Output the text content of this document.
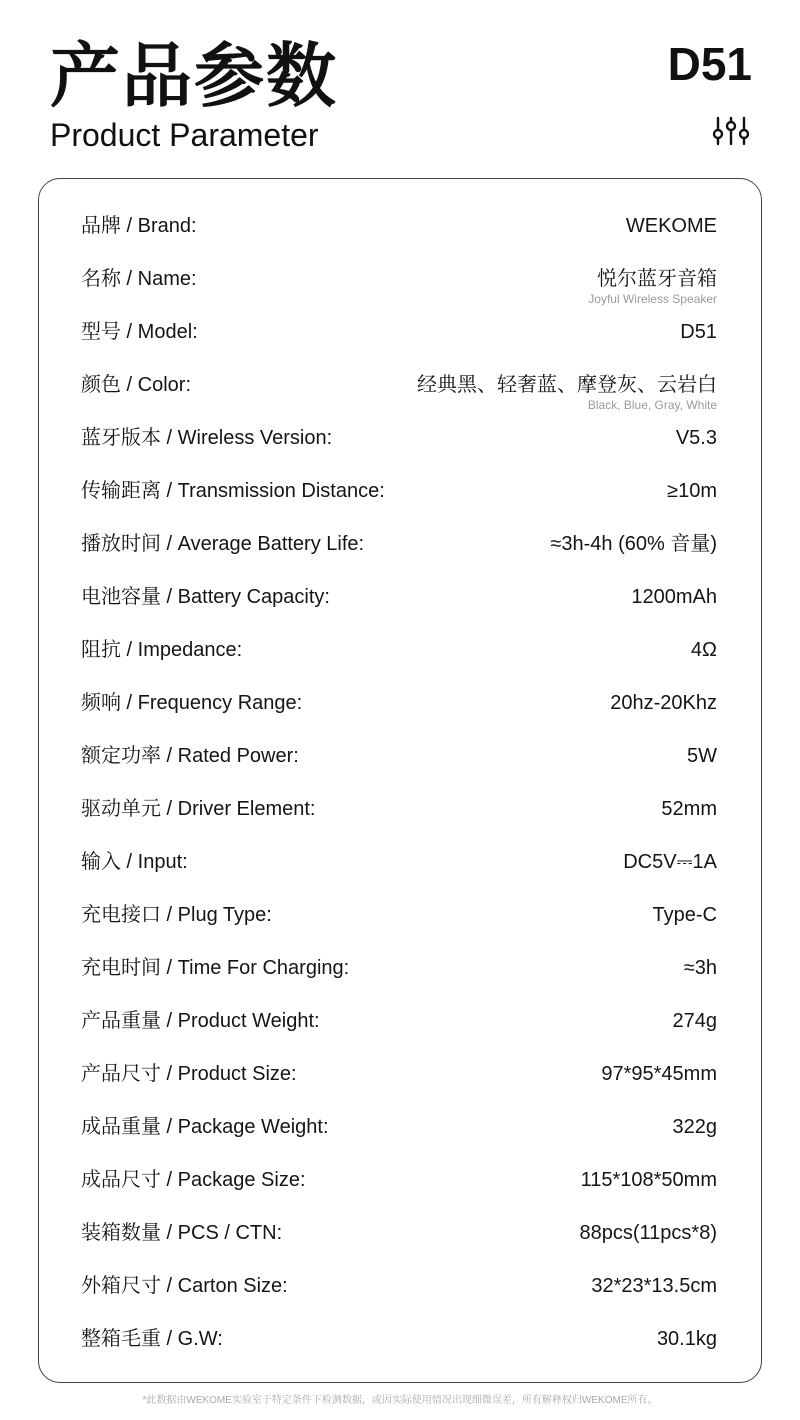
产品参数
Product Parameter
D51
品牌 / Brand:	WEKOME
名称 / Name:	悦尔蓝牙音箱
Joyful Wireless Speaker
型号 / Model:	D51
颜色 / Color:	经典黑、轻奢蓝、摩登灰、云岩白
Black, Blue, Gray, White
蓝牙版本 / Wireless Version:	V5.3
传输距离 / Transmission Distance:	≥10m
播放时间 / Average Battery Life:	≈3h-4h (60% 音量)
电池容量 / Battery Capacity:	1200mAh
阻抗 / Impedance:	4Ω
频响 / Frequency Range:	20hz-20Khz
额定功率 / Rated Power:	5W
驱动单元 / Driver Element:	52mm
输入 / Input:	DC5V⎓1A
充电接口 / Plug Type:	Type-C
充电时间 / Time For Charging:	≈3h
产品重量 / Product Weight:	274g
产品尺寸 / Product Size:	97*95*45mm
成品重量 / Package Weight:	322g
成品尺寸 / Package Size:	115*108*50mm
装箱数量 / PCS / CTN:	88pcs(11pcs*8)
外箱尺寸 / Carton Size:	32*23*13.5cm
整箱毛重 / G.W:	30.1kg
*此数据由WEKOME实验室于特定条件下检测数据，或因实际使用情况出现细微误差，所有解释权归WEKOME所有。
